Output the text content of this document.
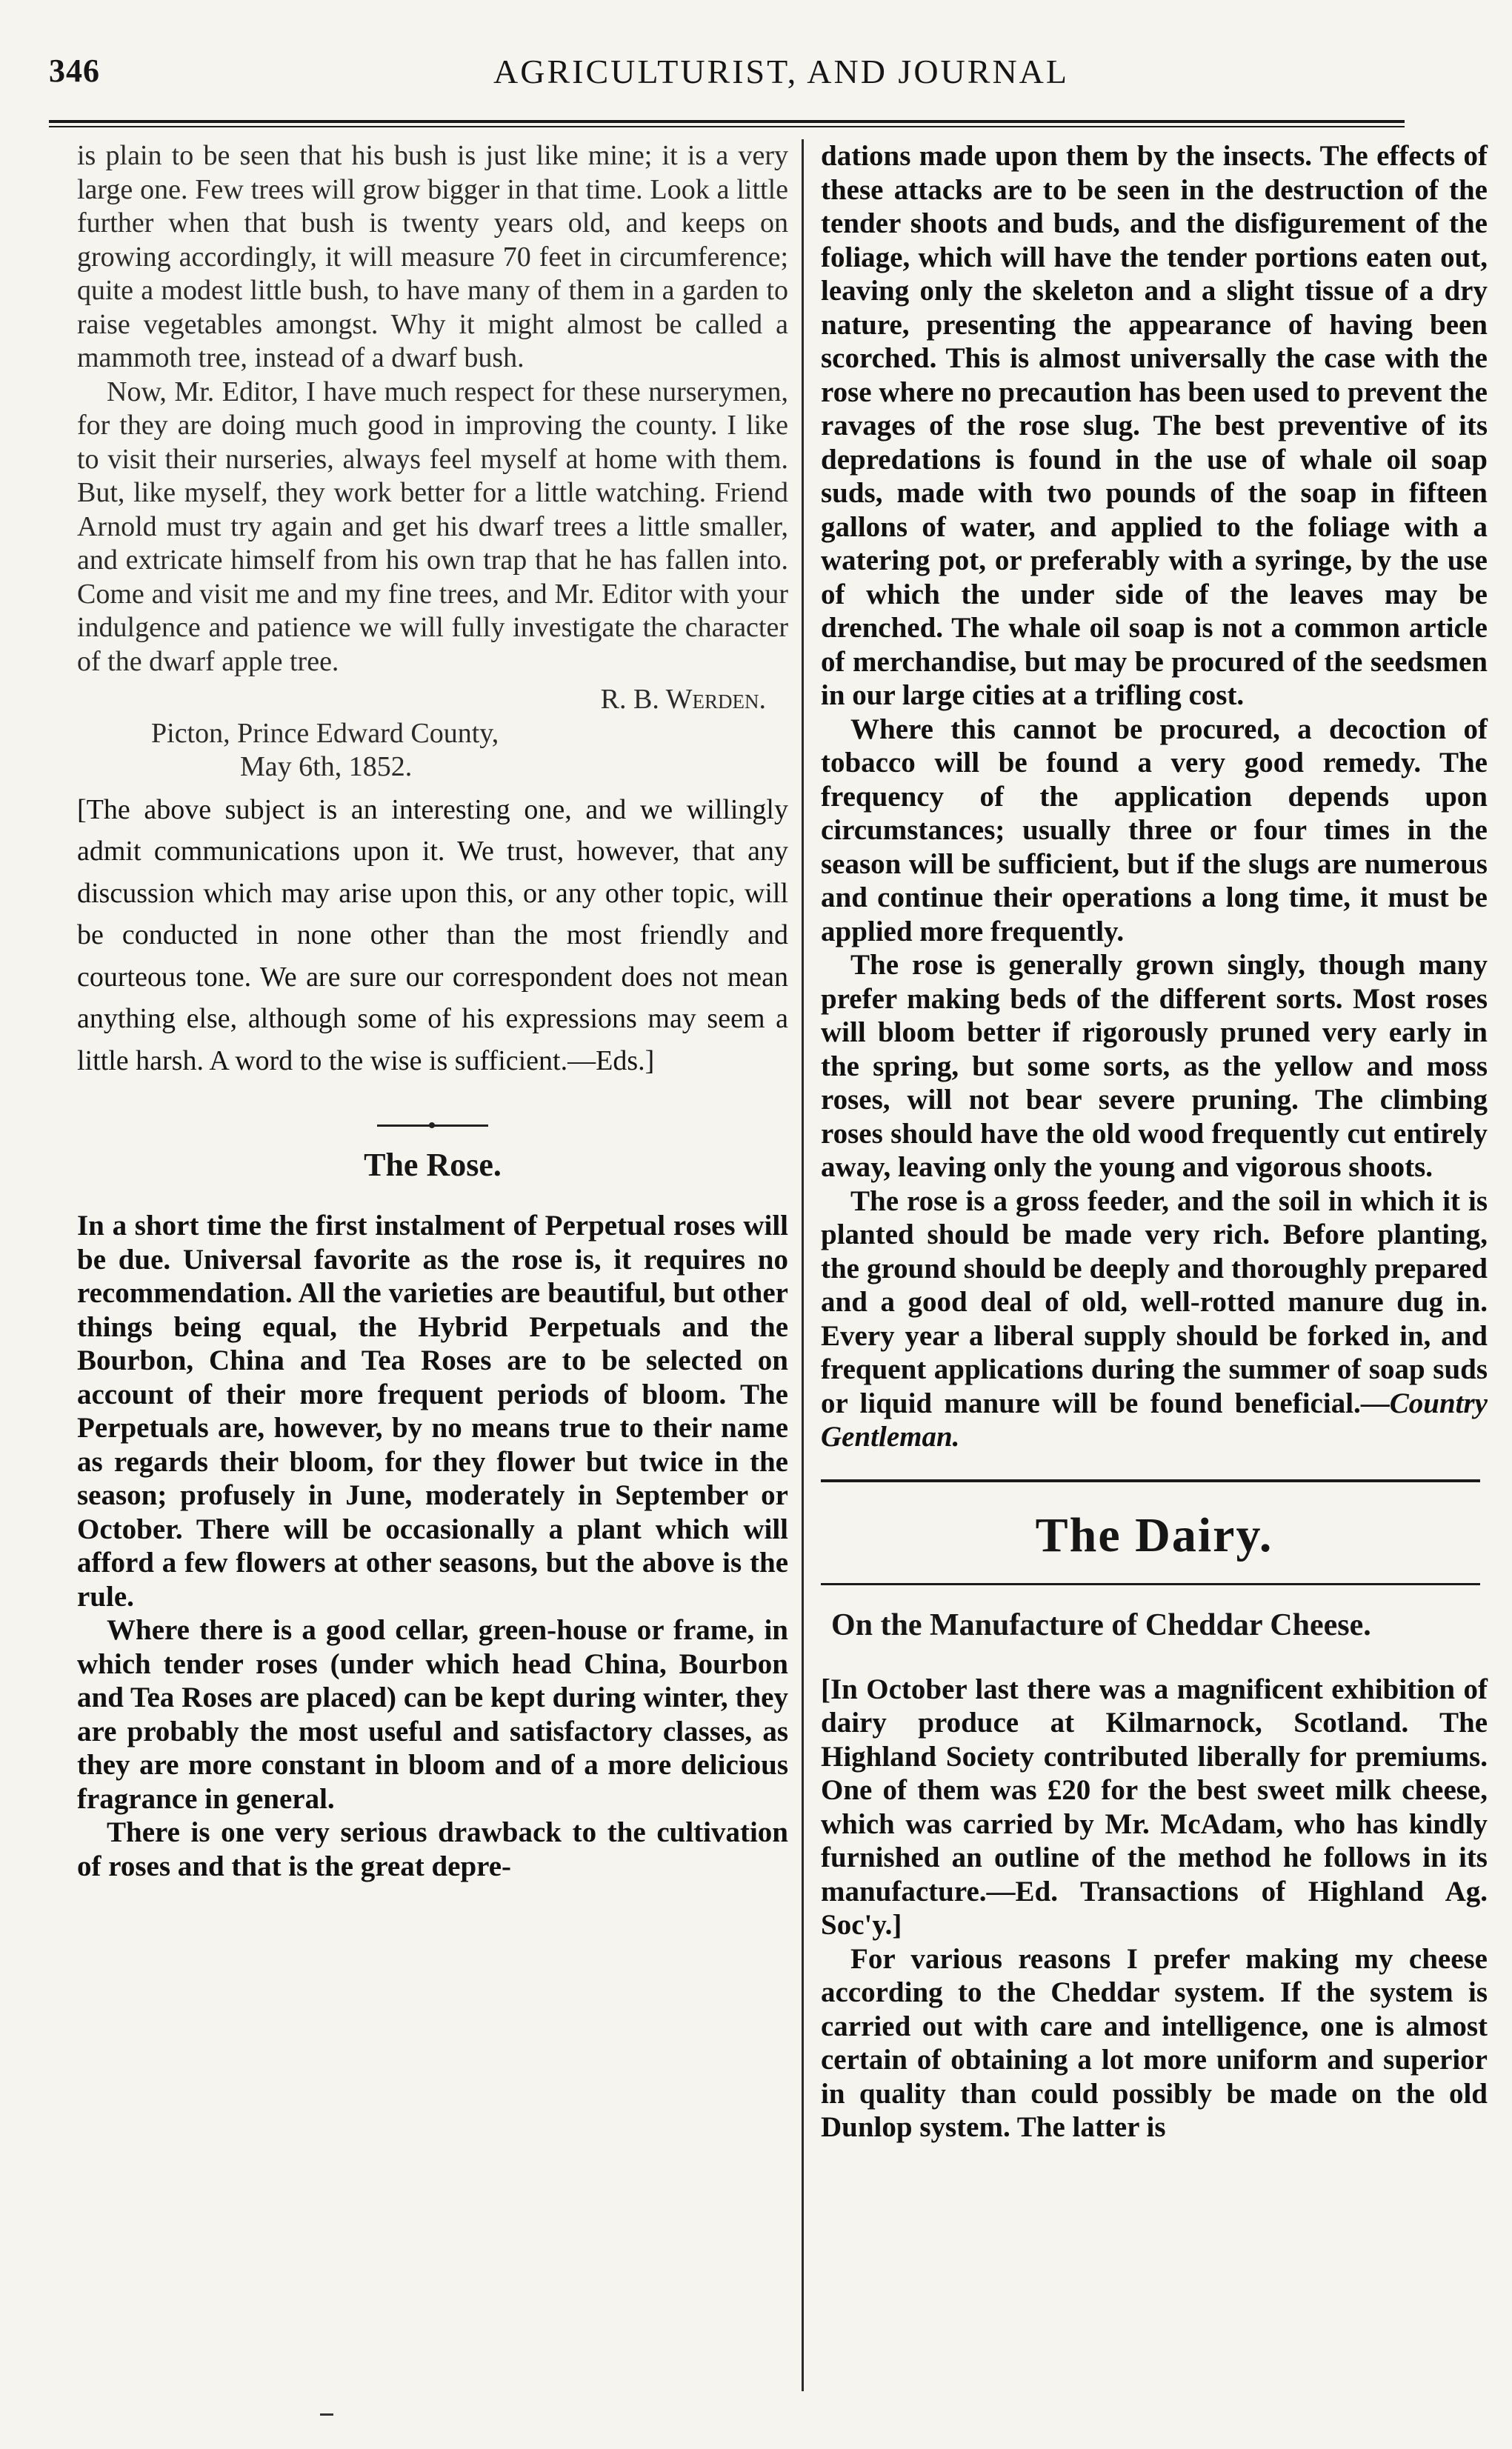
346	AGRICULTURIST, AND JOURNAL

is plain to be seen that his bush is just like mine; it is a very large one. Few trees will grow bigger in that time. Look a little further when that bush is twenty years old, and keeps on growing accordingly, it will measure 70 feet in circumference; quite a modest little bush, to have many of them in a garden to raise vegetables amongst. Why it might almost be called a mammoth tree, instead of a dwarf bush.

Now, Mr. Editor, I have much respect for these nurserymen, for they are doing much good in improving the county. I like to visit their nurseries, always feel myself at home with them. But, like myself, they work better for a little watching. Friend Arnold must try again and get his dwarf trees a little smaller, and extricate himself from his own trap that he has fallen into. Come and visit me and my fine trees, and Mr. Editor with your indulgence and patience we will fully investigate the character of the dwarf apple tree.

R. B. Werden.

Picton, Prince Edward County,

May 6th, 1852.

[The above subject is an interesting one, and we willingly admit communications upon it. We trust, however, that any discussion which may arise upon this, or any other topic, will be conducted in none other than the most friendly and courteous tone. We are sure our correspondent does not mean anything else, although some of his expressions may seem a little harsh. A word to the wise is sufficient.—Eds.]

The Rose.

In a short time the first instalment of Perpetual roses will be due. Universal favorite as the rose is, it requires no recommendation. All the varieties are beautiful, but other things being equal, the Hybrid Perpetuals and the Bourbon, China and Tea Roses are to be selected on account of their more frequent periods of bloom. The Perpetuals are, however, by no means true to their name as regards their bloom, for they flower but twice in the season; profusely in June, moderately in September or October. There will be occasionally a plant which will afford a few flowers at other seasons, but the above is the rule.

Where there is a good cellar, green-house or frame, in which tender roses (under which head China, Bourbon and Tea Roses are placed) can be kept during winter, they are probably the most useful and satisfactory classes, as they are more constant in bloom and of a more delicious fragrance in general.

There is one very serious drawback to the cultivation of roses and that is the great depre-

dations made upon them by the insects. The effects of these attacks are to be seen in the destruction of the tender shoots and buds, and the disfigurement of the foliage, which will have the tender portions eaten out, leaving only the skeleton and a slight tissue of a dry nature, presenting the appearance of having been scorched. This is almost universally the case with the rose where no precaution has been used to prevent the ravages of the rose slug. The best preventive of its depredations is found in the use of whale oil soap suds, made with two pounds of the soap in fifteen gallons of water, and applied to the foliage with a watering pot, or preferably with a syringe, by the use of which the under side of the leaves may be drenched. The whale oil soap is not a common article of merchandise, but may be procured of the seedsmen in our large cities at a trifling cost.

Where this cannot be procured, a decoction of tobacco will be found a very good remedy. The frequency of the application depends upon circumstances; usually three or four times in the season will be sufficient, but if the slugs are numerous and continue their operations a long time, it must be applied more frequently.

The rose is generally grown singly, though many prefer making beds of the different sorts. Most roses will bloom better if rigorously pruned very early in the spring, but some sorts, as the yellow and moss roses, will not bear severe pruning. The climbing roses should have the old wood frequently cut entirely away, leaving only the young and vigorous shoots.

The rose is a gross feeder, and the soil in which it is planted should be made very rich. Before planting, the ground should be deeply and thoroughly prepared and a good deal of old, well-rotted manure dug in. Every year a liberal supply should be forked in, and frequent applications during the summer of soap suds or liquid manure will be found beneficial.—Country Gentleman.

The Dairy.
On the Manufacture of Cheddar Cheese.

[In October last there was a magnificent exhibition of dairy produce at Kilmarnock, Scotland. The Highland Society contributed liberally for premiums. One of them was £20 for the best sweet milk cheese, which was carried by Mr. McAdam, who has kindly furnished an outline of the method he follows in its manufacture.—Ed. Transactions of Highland Ag. Soc'y.]

For various reasons I prefer making my cheese according to the Cheddar system. If the system is carried out with care and intelligence, one is almost certain of obtaining a lot more uniform and superior in quality than could possibly be made on the old Dunlop system. The latter is
